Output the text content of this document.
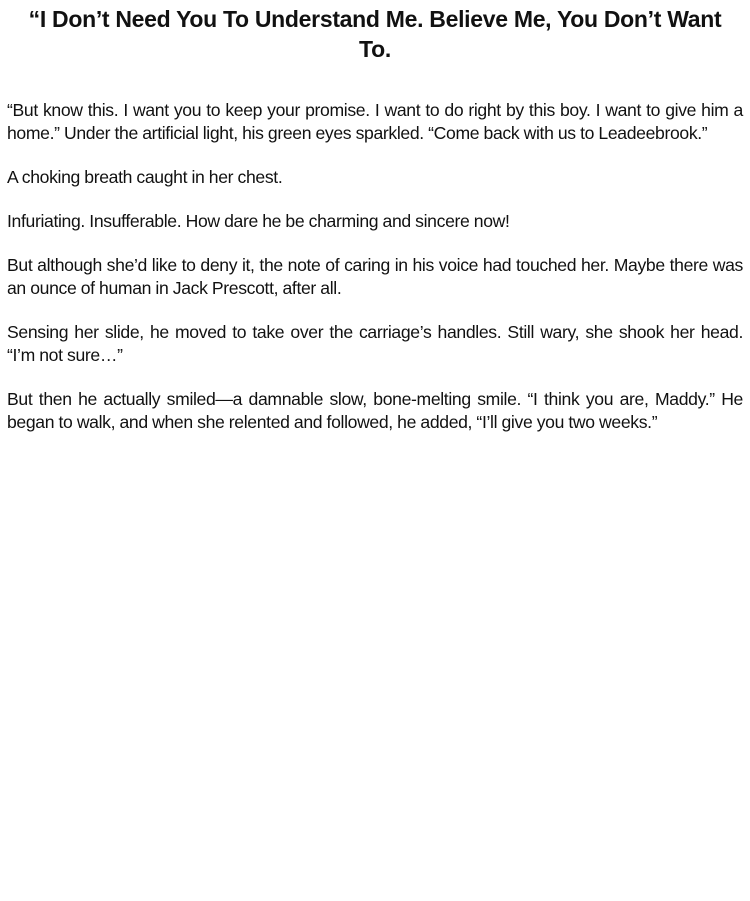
“I Don’t Need You To Understand Me. Believe Me, You Don’t Want To.

“But know this. I want you to keep your promise. I want to do right by this boy. I want to give him a home.” Under the artificial light, his green eyes sparkled. “Come back with us to Leadeebrook.”

A choking breath caught in her chest.

Infuriating. Insufferable. How dare he be charming and sincere now!

But although she’d like to deny it, the note of caring in his voice had touched her. Maybe there was an ounce of human in Jack Prescott, after all.

Sensing her slide, he moved to take over the carriage’s handles. Still wary, she shook her head. “I’m not sure…”

But then he actually smiled—a damnable slow, bone-melting smile. “I think you are, Maddy.” He began to walk, and when she relented and followed, he added, “I’ll give you two weeks.”
